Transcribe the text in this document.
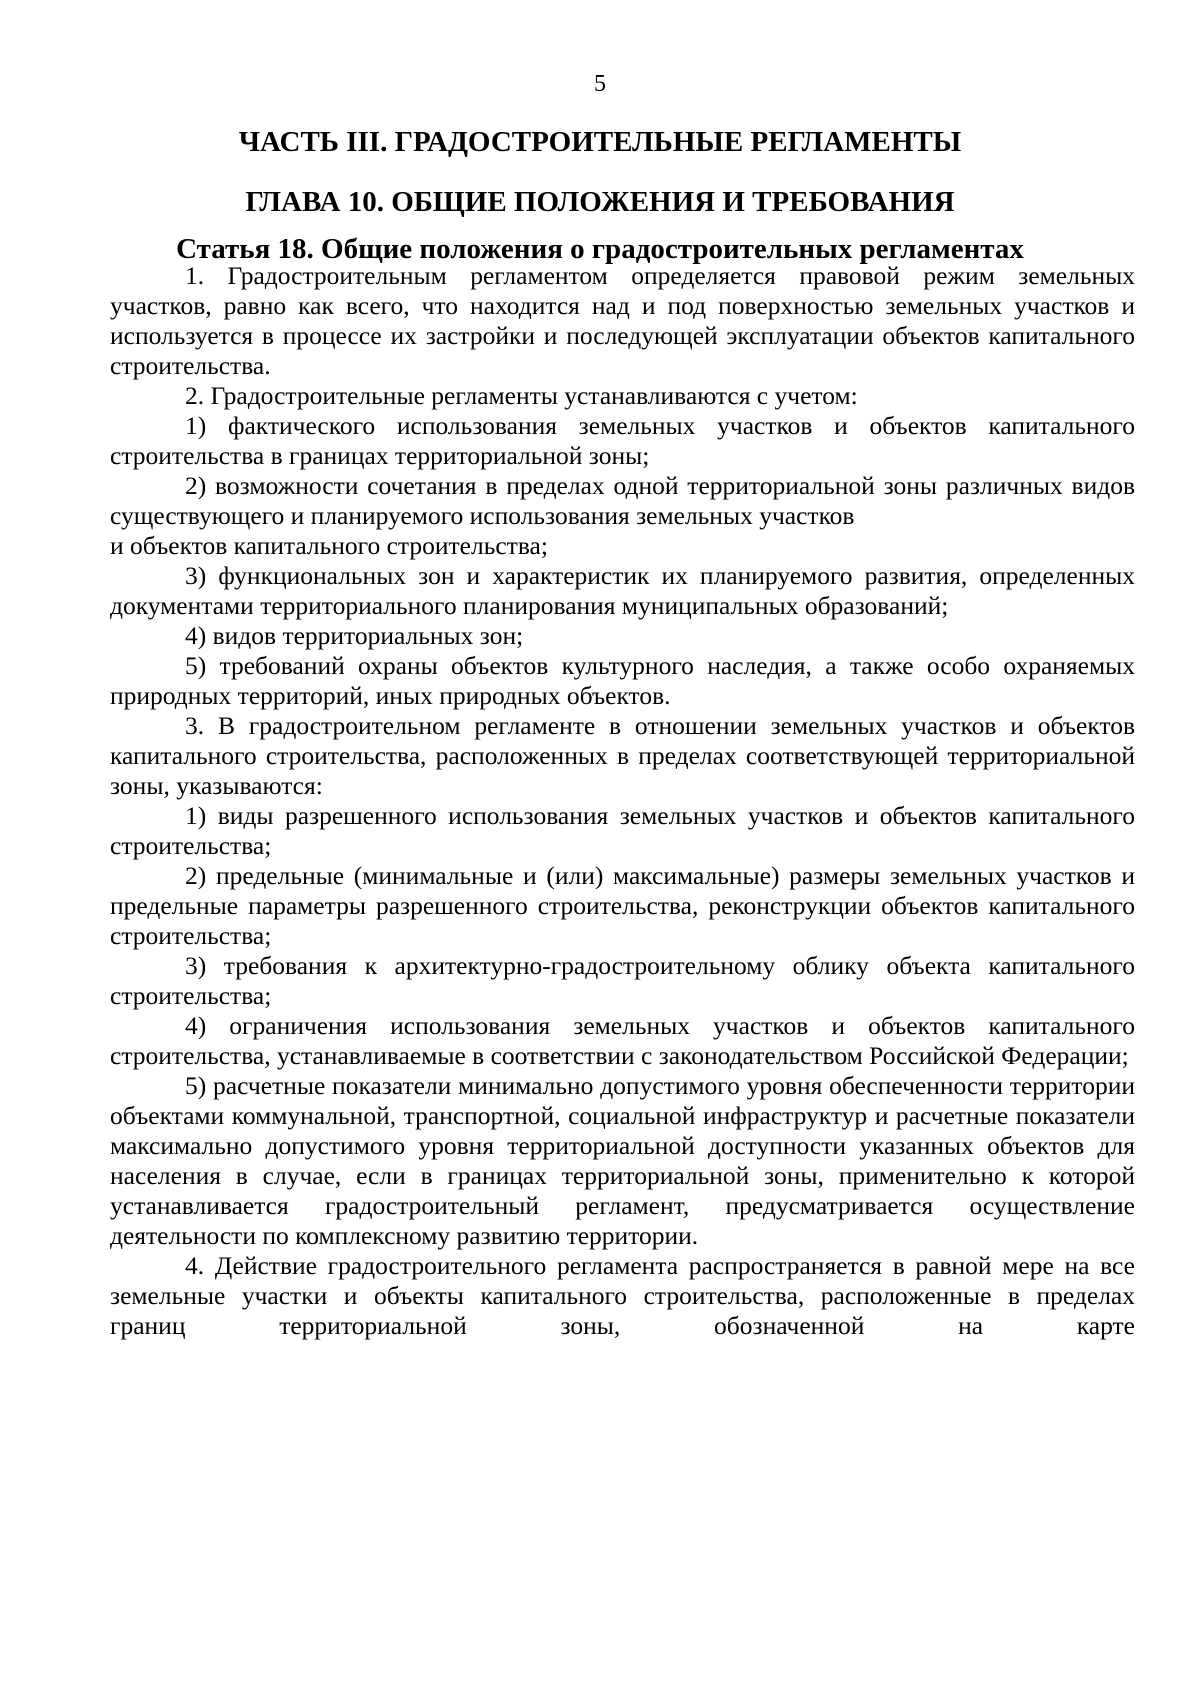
5
ЧАСТЬ III. ГРАДОСТРОИТЕЛЬНЫЕ РЕГЛАМЕНТЫ
ГЛАВА 10. ОБЩИЕ ПОЛОЖЕНИЯ И ТРЕБОВАНИЯ
Статья 18. Общие положения о градостроительных регламентах

1. Градостроительным регламентом определяется правовой режим земельных участков, равно как всего, что находится над и под поверхностью земельных участков и используется в процессе их застройки и последующей эксплуатации объектов капитального строительства.

2. Градостроительные регламенты устанавливаются с учетом:

1) фактического использования земельных участков и объектов капитального строительства в границах территориальной зоны;

2) возможности сочетания в пределах одной территориальной зоны различных видов существующего и планируемого использования земельных участков

и объектов капитального строительства;

3) функциональных зон и характеристик их планируемого развития, определенных документами территориального планирования муниципальных образований;

4) видов территориальных зон;

5) требований охраны объектов культурного наследия, а также особо охраняемых природных территорий, иных природных объектов.

3. В градостроительном регламенте в отношении земельных участков и объектов капитального строительства, расположенных в пределах соответствующей территориальной зоны, указываются:

1) виды разрешенного использования земельных участков и объектов капитального строительства;

2) предельные (минимальные и (или) максимальные) размеры земельных участков и предельные параметры разрешенного строительства, реконструкции объектов капитального строительства;

3) требования к архитектурно-градостроительному облику объекта капитального строительства;

4) ограничения использования земельных участков и объектов капитального строительства, устанавливаемые в соответствии с законодательством Российской Федерации;

5) расчетные показатели минимально допустимого уровня обеспеченности территории объектами коммунальной, транспортной, социальной инфраструктур и расчетные показатели максимально допустимого уровня территориальной доступности указанных объектов для населения в случае, если в границах территориальной зоны, применительно к которой устанавливается градостроительный регламент, предусматривается осуществление деятельности по комплексному развитию территории.

4. Действие градостроительного регламента распространяется в равной мере на все земельные участки и объекты капитального строительства, расположенные в пределах границ территориальной зоны, обозначенной на карте
